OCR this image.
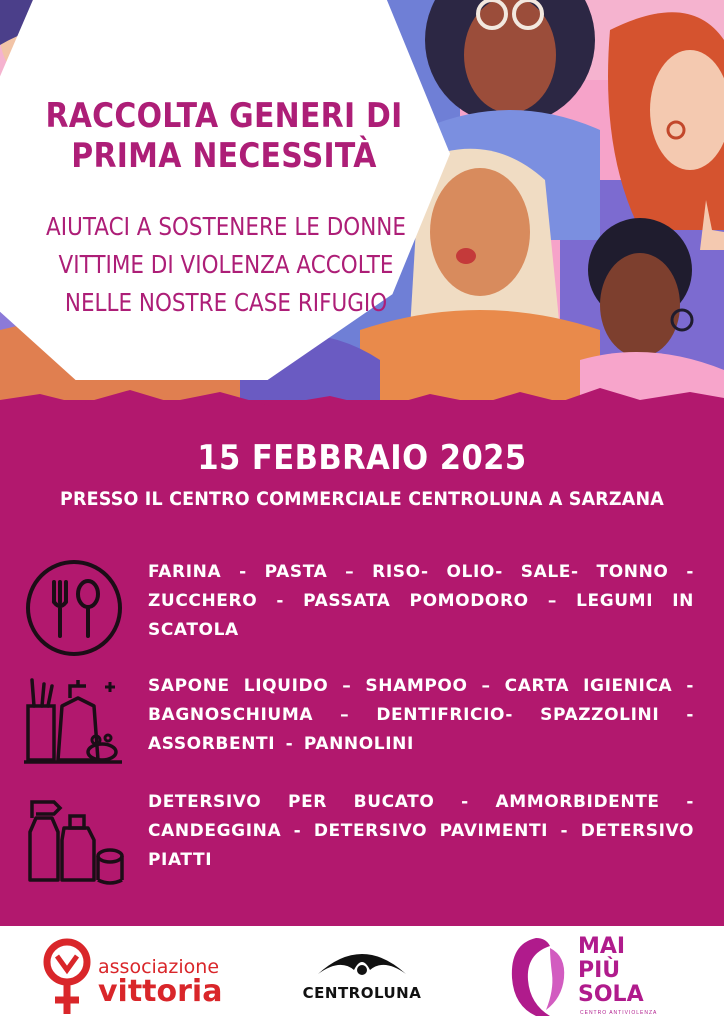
RACCOLTA GENERI DI
PRIMA NECESSITÀ
AIUTACI A SOSTENERE LE DONNE
VITTIME DI VIOLENZA ACCOLTE
NELLE NOSTRE CASE RIFUGIO
15 FEBBRAIO 2025
PRESSO IL CENTRO COMMERCIALE CENTROLUNA A SARZANA
FARINA - PASTA – RISO- OLIO- SALE- TONNO - ZUCCHERO - PASSATA POMODORO – LEGUMI IN SCATOLA
SAPONE LIQUIDO – SHAMPOO – CARTA IGIENICA - BAGNOSCHIUMA – DENTIFRICIO- SPAZZOLINI - ASSORBENTI - PANNOLINI
DETERSIVO PER BUCATO - AMMORBIDENTE - CANDEGGINA - DETERSIVO PAVIMENTI - DETERSIVO PIATTI
associazione
vittoria	CENTROLUNA
MAI
PIÙ
SOLA
CENTRO ANTIVIOLENZA
